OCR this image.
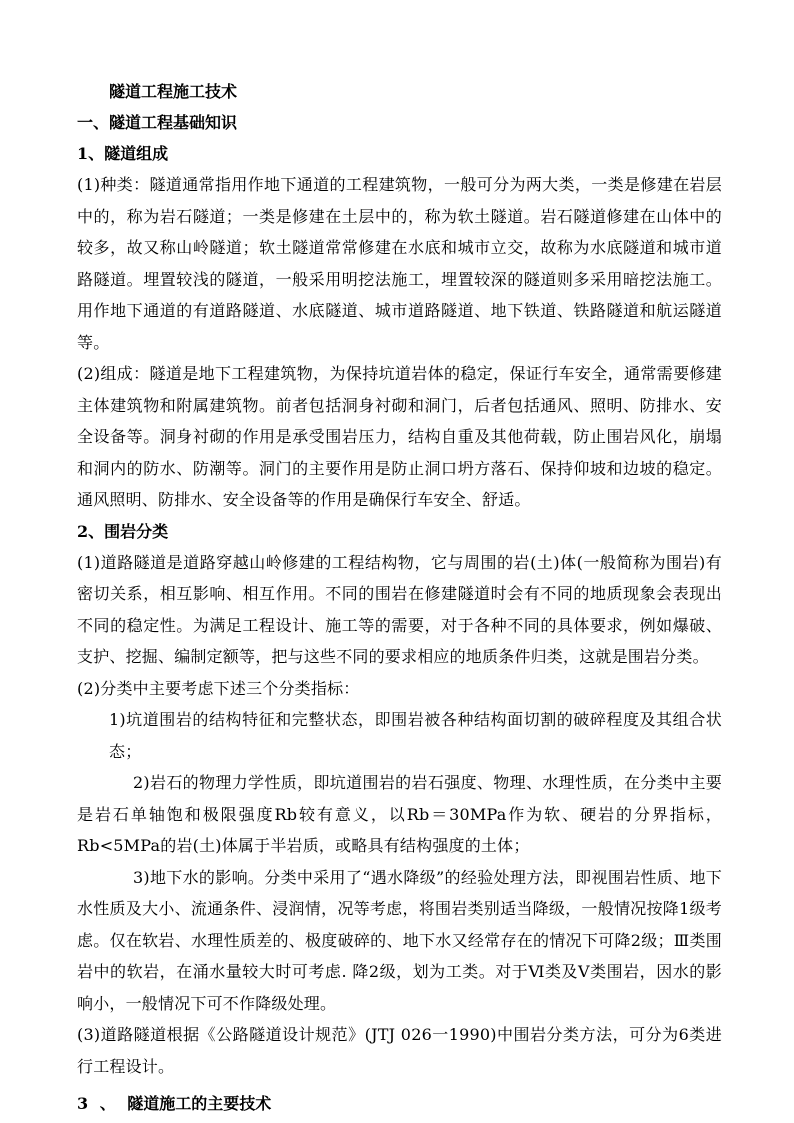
隧道工程施工技术
一、隧道工程基础知识
1、隧道组成

(1)种类：隧道通常指用作地下通道的工程建筑物，一般可分为两大类，一类是修建在岩层中的，称为岩石隧道；一类是修建在土层中的，称为软土隧道。岩石隧道修建在山体中的较多，故又称山岭隧道；软土隧道常常修建在水底和城市立交，故称为水底隧道和城市道路隧道。埋置较浅的隧道，一般采用明挖法施工，埋置较深的隧道则多采用暗挖法施工。用作地下通道的有道路隧道、水底隧道、城市道路隧道、地下铁道、铁路隧道和航运隧道等。

(2)组成：隧道是地下工程建筑物，为保持坑道岩体的稳定，保证行车安全，通常需要修建主体建筑物和附属建筑物。前者包括洞身衬砌和洞门，后者包括通风、照明、防排水、安全设备等。洞身衬砌的作用是承受围岩压力，结构自重及其他荷载，防止围岩风化，崩塌和洞内的防水、防潮等。洞门的主要作用是防止洞口坍方落石、保持仰坡和边坡的稳定。通风照明、防排水、安全设备等的作用是确保行车安全、舒适。

2、围岩分类

(1)道路隧道是道路穿越山岭修建的工程结构物，它与周围的岩(土)体(一般简称为围岩)有密切关系，相互影响、相互作用。不同的围岩在修建隧道时会有不同的地质现象会表现出不同的稳定性。为满足工程设计、施工等的需要，对于各种不同的具体要求，例如爆破、支护、挖掘、编制定额等，把与这些不同的要求相应的地质条件归类，这就是围岩分类。

(2)分类中主要考虑下述三个分类指标：

1)坑道围岩的结构特征和完整状态，即围岩被各种结构面切割的破碎程度及其组合状态；

2)岩石的物理力学性质，即坑道围岩的岩石强度、物理、水理性质，在分类中主要是岩石单轴饱和极限强度Rb较有意义，以Rb＝30MPa作为软、硬岩的分界指标，Rb<5MPa的岩(土)体属于半岩质，或略具有结构强度的土体；

3)地下水的影响。分类中采用了“遇水降级”的经验处理方法，即视围岩性质、地下水性质及大小、流通条件、浸润情，况等考虑，将围岩类别适当降级，一般情况按降1级考虑。仅在软岩、水理性质差的、极度破碎的、地下水又经常存在的情况下可降2级；Ⅲ类围岩中的软岩，在涌水量较大时可考虑. 降2级，划为工类。对于Ⅵ类及Ⅴ类围岩，因水的影响小，一般情况下可不作降级处理。

(3)道路隧道根据《公路隧道设计规范》(JTJ 026一1990)中围岩分类方法，可分为6类进行工程设计。

3 、 隧道施工的主要技术
